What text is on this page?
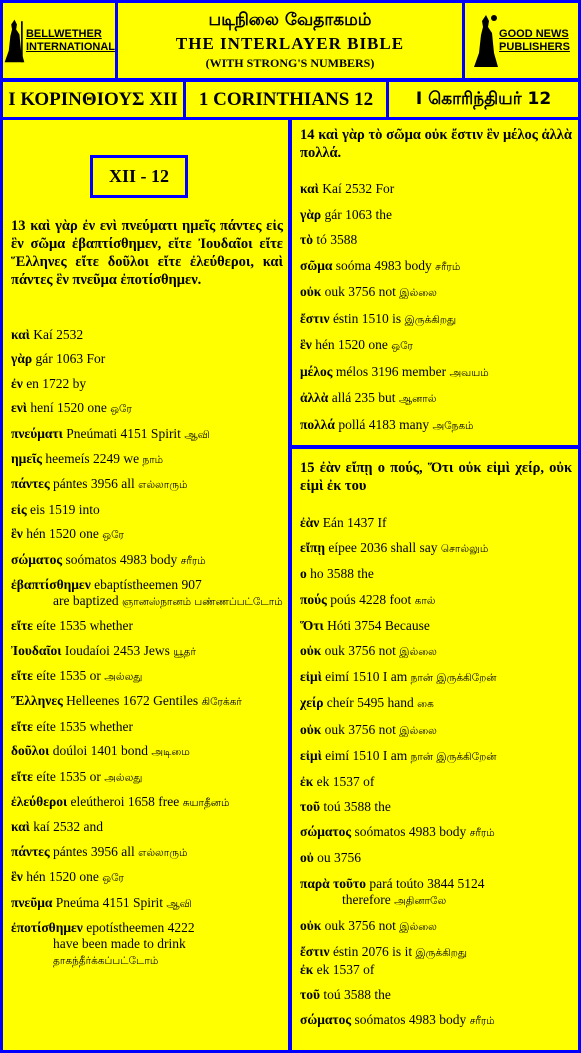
BELLWETHER
INTERNATIONAL
படிநிலை வேதாகமம்
THE INTERLAYER BIBLE
(WITH STRONG'S NUMBERS)
GOOD NEWS
PUBLISHERS
Ι ΚΟΡΙΝΘΙΟΥΣ XII	1 CORINTHIANS 12	I கொரிந்தியர் 12
XII - 12
13 καὶ γὰρ ἐν ενὶ πνεύματι ημεῖς πάντες εἰς ἓν σῶμα ἐβαπτίσθημεν, εἴτε Ἰουδαῖοι εἴτε Ἕλληνες εἴτε δοῦλοι εἴτε ἐλεύθεροι, καὶ πάντες ἓν πνεῦμα ἐποτίσθημεν.
καὶ Kaí 2532
γὰρ gár 1063 For
ἐν en 1722 by
ενὶ hení 1520 one ஒரே
πνεύματι Pneúmati 4151 Spirit ஆவி
ημεῖς heemeís 2249 we நாம்
πάντες pántes 3956 all எல்லாரும்
εἰς eis 1519 into
ἓν hén 1520 one ஒரே
σώματος soómatos 4983 body சரீரம்
ἐβαπτίσθημεν ebaptístheemen 907
are baptized ஞானஸ்நானம் பண்ணப்பட்டோம்
εἴτε eíte 1535 whether
Ἰουδαῖοι Ioudaíoi 2453 Jews யூதர்
εἴτε eíte 1535 or அல்லது
Ἕλληνες Helleenes 1672 Gentiles கிரேக்கர்
εἴτε eíte 1535 whether
δοῦλοι doúloi 1401 bond அடிமை
εἴτε eíte 1535 or அல்லது
ἐλεύθεροι eleútheroi 1658 free சுயாதீனம்
καὶ kaí 2532 and
πάντες pántes 3956 all எல்லாரும்
ἓν hén 1520 one ஒரே
πνεῦμα Pneúma 4151 Spirit ஆவி
ἐποτίσθημεν epotístheemen 4222
have been made to drink தாகந்தீர்க்கப்பட்டோம்
14 καὶ γὰρ τὸ σῶμα οὐκ ἔστιν ἓν μέλος ἀλλὰ πολλά.
καὶ Kaí 2532 For
γὰρ gár 1063 the
τὸ tó 3588
σῶμα soóma 4983 body சரீரம்
οὐκ ouk 3756 not இல்லை
ἔστιν éstin 1510 is இருக்கிறது
ἓν hén 1520 one ஒரே
μέλος mélos 3196 member அவயம்
ἀλλὰ allá 235 but ஆனால்
πολλά pollá 4183 many அநேகம்
15 ἐὰν εἴπῃ ο πούς, Ὅτι οὐκ εἰμὶ χείρ, οὐκ εἰμὶ ἐκ του
ἐὰν Eán 1437 If
εἴπῃ eípee 2036 shall say சொல்லும்
ο ho 3588 the
πούς poús 4228 foot கால்
Ὅτι Hóti 3754 Because
οὐκ ouk 3756 not இல்லை
εἰμὶ eimí 1510 I am நான் இருக்கிறேன்
χείρ cheír 5495 hand கை
οὐκ ouk 3756 not இல்லை
εἰμὶ eimí 1510 I am நான் இருக்கிறேன்
ἐκ ek 1537 of
τοῦ toú 3588 the
σώματος soómatos 4983 body சரீரம்
οὐ ou 3756
παρὰ τοῦτο pará toúto 3844 5124
therefore அதினாலே
οὐκ ouk 3756 not இல்லை
ἔστιν éstin 2076 is it இருக்கிறது
ἐκ ek 1537 of
τοῦ toú 3588 the
σώματος soómatos 4983 body சரீரம்
